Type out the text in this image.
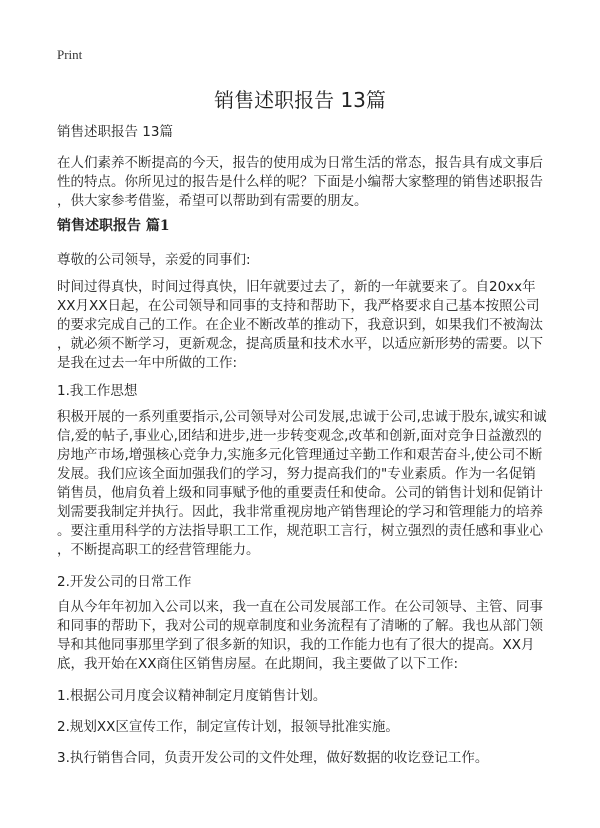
Print
销售述职报告 13篇
销售述职报告 13篇
在人们素养不断提高的今天，报告的使用成为日常生活的常态，报告具有成文事后
性的特点。你所见过的报告是什么样的呢？下面是小编帮大家整理的销售述职报告
，供大家参考借鉴，希望可以帮助到有需要的朋友。
销售述职报告 篇1
尊敬的公司领导，亲爱的同事们:
时间过得真快，时间过得真快，旧年就要过去了，新的一年就要来了。自20xx年
XX月XX日起，在公司领导和同事的支持和帮助下，我严格要求自己基本按照公司
的要求完成自己的工作。在企业不断改革的推动下，我意识到，如果我们不被淘汰
，就必须不断学习，更新观念，提高质量和技术水平，以适应新形势的需要。以下
是我在过去一年中所做的工作:
1.我工作思想
积极开展的一系列重要指示,公司领导对公司发展,忠诚于公司,忠诚于股东,诚实和诚
信,爱的帖子,事业心,团结和进步,进一步转变观念,改革和创新,面对竞争日益激烈的
房地产市场,增强核心竞争力,实施多元化管理通过辛勤工作和艰苦奋斗,使公司不断
发展。我们应该全面加强我们的学习，努力提高我们的"专业素质。作为一名促销
销售员，他肩负着上级和同事赋予他的重要责任和使命。公司的销售计划和促销计
划需要我制定并执行。因此，我非常重视房地产销售理论的学习和管理能力的培养
。要注重用科学的方法指导职工工作，规范职工言行，树立强烈的责任感和事业心
，不断提高职工的经营管理能力。
2.开发公司的日常工作
自从今年年初加入公司以来，我一直在公司发展部工作。在公司领导、主管、同事
和同事的帮助下，我对公司的规章制度和业务流程有了清晰的了解。我也从部门领
导和其他同事那里学到了很多新的知识，我的工作能力也有了很大的提高。XX月
底，我开始在XX商住区销售房屋。在此期间，我主要做了以下工作:
1.根据公司月度会议精神制定月度销售计划。
2.规划XX区宣传工作，制定宣传计划，报领导批准实施。
3.执行销售合同，负责开发公司的文件处理，做好数据的收讫登记工作。
